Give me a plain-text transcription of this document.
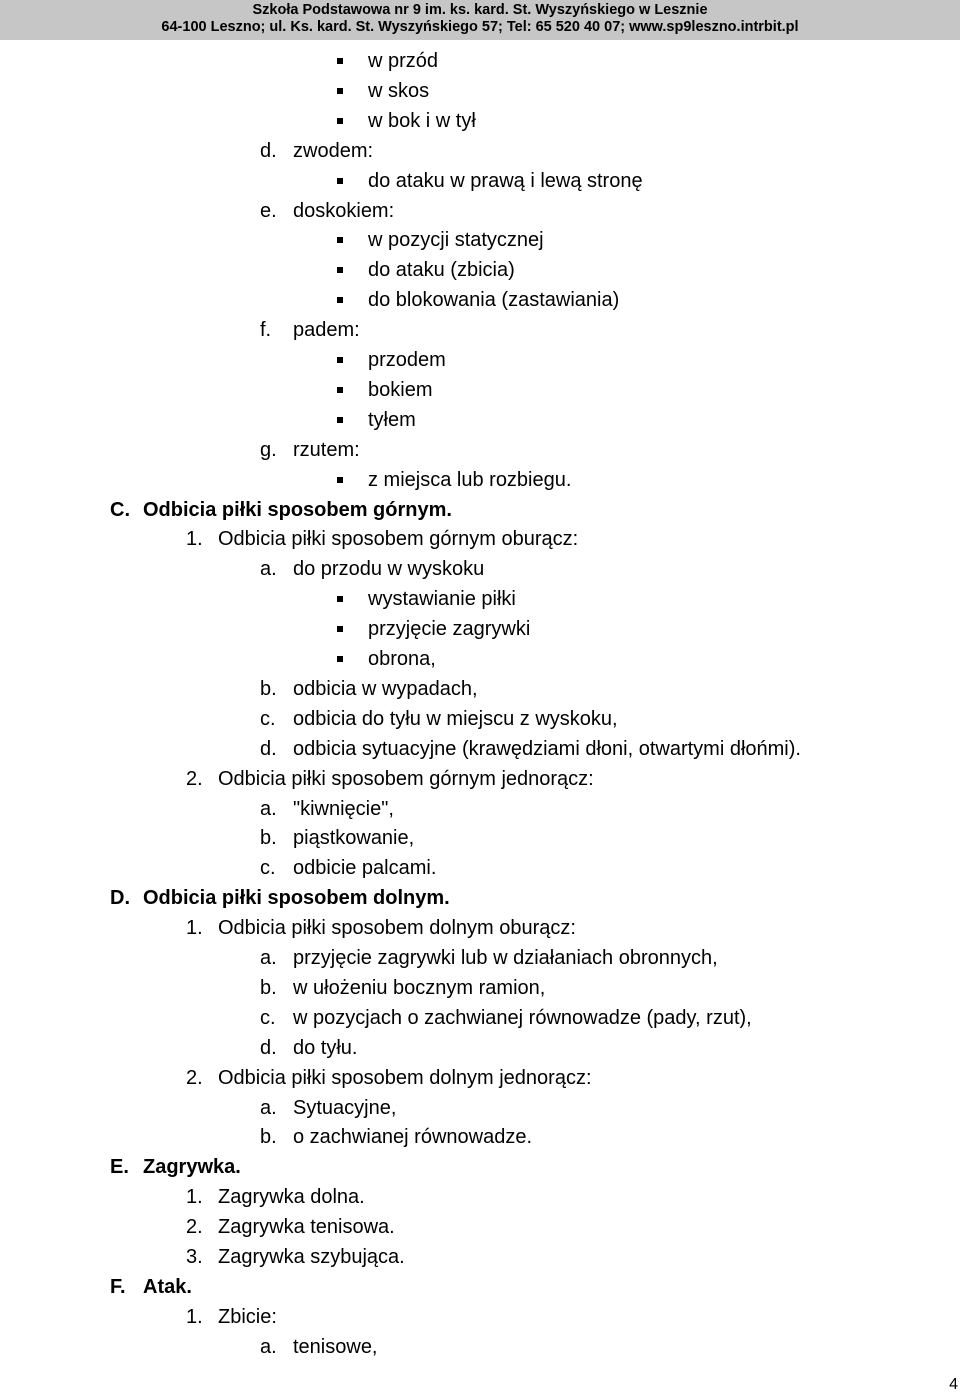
Szkoła Podstawowa nr 9 im. ks. kard. St. Wyszyńskiego w Lesznie
64-100 Leszno; ul. Ks. kard. St. Wyszyńskiego 57; Tel: 65 520 40 07; www.sp9leszno.intrbit.pl
w przód
w skos
w bok i w tył
d. zwodem:
do ataku w prawą i lewą stronę
e. doskokiem:
w pozycji statycznej
do ataku (zbicia)
do blokowania (zastawiania)
f. padem:
przodem
bokiem
tyłem
g. rzutem:
z miejsca lub rozbiegu.
C. Odbicia piłki sposobem górnym.
1. Odbicia piłki sposobem górnym oburącz:
a. do przodu w wyskoku
wystawianie piłki
przyjęcie zagrywki
obrona,
b. odbicia w wypadach,
c. odbicia do tyłu w miejscu z wyskoku,
d. odbicia sytuacyjne (krawędziami dłoni, otwartymi dłońmi).
2. Odbicia piłki sposobem górnym jednorącz:
a. "kiwnięcie",
b. piąstkowanie,
c. odbicie palcami.
D. Odbicia piłki sposobem dolnym.
1. Odbicia piłki sposobem dolnym oburącz:
a. przyjęcie zagrywki lub w działaniach obronnych,
b. w ułożeniu bocznym ramion,
c. w pozycjach o zachwianej równowadze (pady, rzut),
d. do tyłu.
2. Odbicia piłki sposobem dolnym jednorącz:
a. Sytuacyjne,
b. o zachwianej równowadze.
E. Zagrywka.
1. Zagrywka dolna.
2. Zagrywka tenisowa.
3. Zagrywka szybująca.
F. Atak.
1. Zbicie:
a. tenisowe,
4
